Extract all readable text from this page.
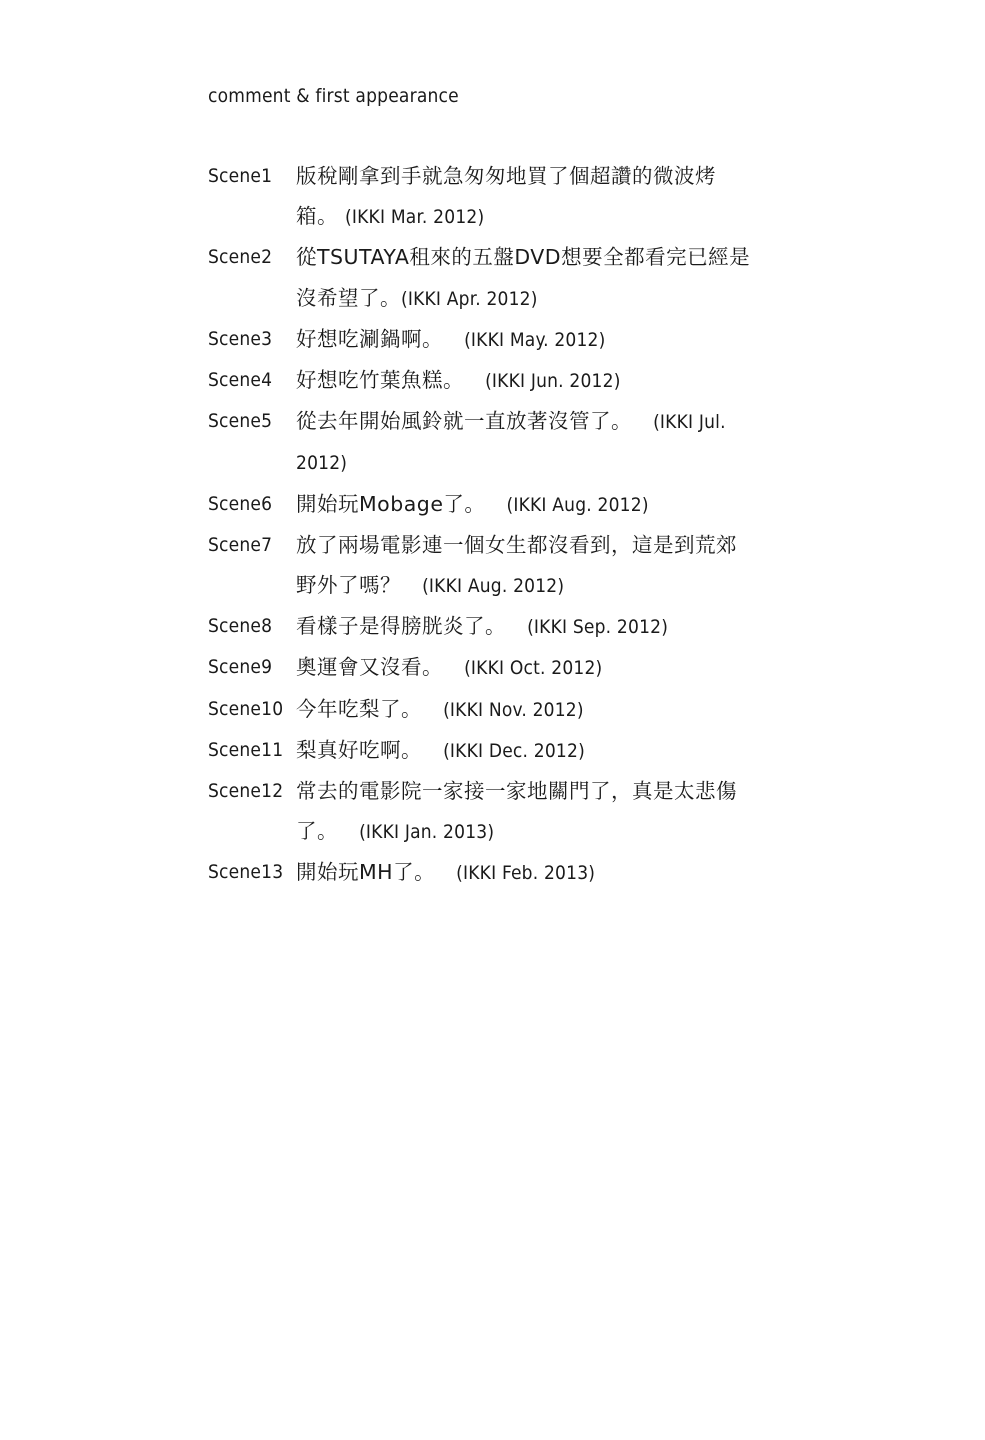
comment & first appearance
Scene1	版稅剛拿到手就急匆匆地買了個超讚的微波烤箱。 (IKKI Mar. 2012)
Scene2	從TSUTAYA租來的五盤DVD想要全都看完已經是沒希望了。(IKKI Apr. 2012)
Scene3	好想吃涮鍋啊。 (IKKI May. 2012)
Scene4	好想吃竹葉魚糕。 (IKKI Jun. 2012)
Scene5	從去年開始風鈴就一直放著沒管了。 (IKKI Jul. 2012)
Scene6	開始玩Mobage了。 (IKKI Aug. 2012)
Scene7	放了兩場電影連一個女生都沒看到，這是到荒郊野外了嗎？ (IKKI Aug. 2012)
Scene8	看樣子是得膀胱炎了。 (IKKI Sep. 2012)
Scene9	奧運會又沒看。 (IKKI Oct. 2012)
Scene10 今年吃梨了。 (IKKI Nov. 2012)
Scene11 梨真好吃啊。 (IKKI Dec. 2012)
Scene12 常去的電影院一家接一家地關門了，真是太悲傷了。 (IKKI Jan. 2013)
Scene13 開始玩MH了。 (IKKI Feb. 2013)
